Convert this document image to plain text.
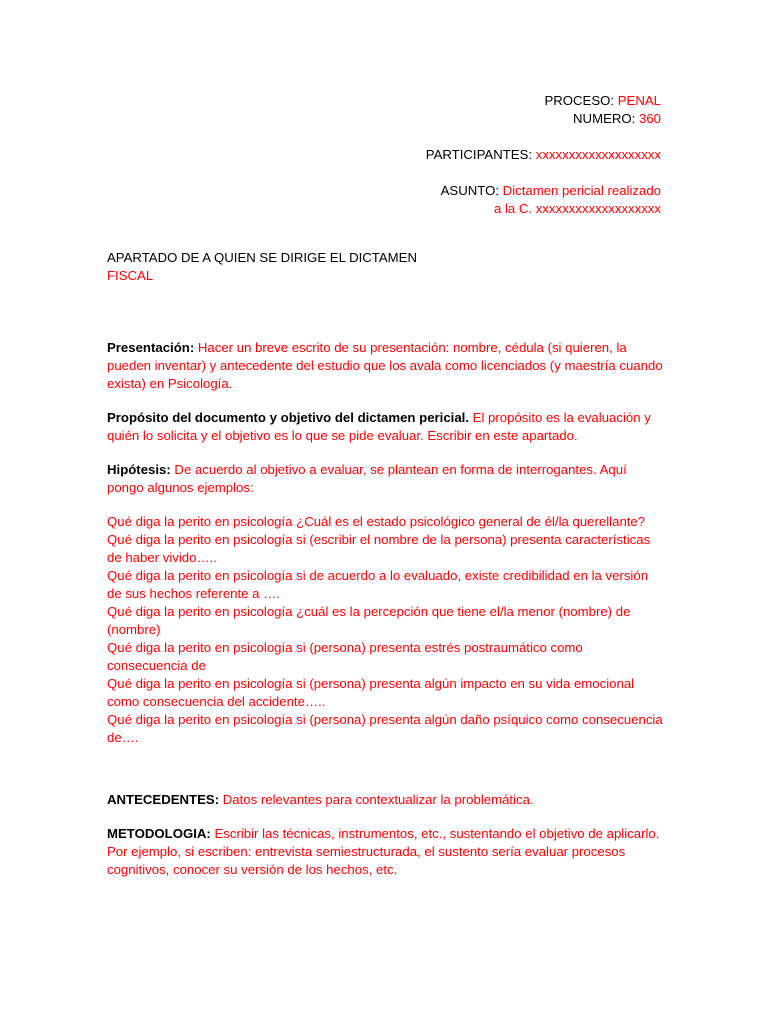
PROCESO: PENAL
NUMERO: 360
PARTICIPANTES: xxxxxxxxxxxxxxxxxxx
ASUNTO: Dictamen pericial realizado
a la C. xxxxxxxxxxxxxxxxxxx

APARTADO DE A QUIEN SE DIRIGE EL DICTAMEN

FISCAL

Presentación: Hacer un breve escrito de su presentación: nombre, cédula (si quieren, la pueden inventar) y antecedente del estudio que los avala como licenciados (y maestría cuando exista) en Psicología.

Propósito del documento y objetivo del dictamen pericial. El propósito es la evaluación y quién lo solicita y el objetivo es lo que se pide evaluar. Escribir en este apartado.

Hipótesis: De acuerdo al objetivo a evaluar, se plantean en forma de interrogantes. Aquí pongo algunos ejemplos:

Qué diga la perito en psicología ¿Cuál es el estado psicológico general de él/la querellante?

Qué diga la perito en psicología si (escribir el nombre de la persona) presenta características de haber vivido…..

Qué diga la perito en psicología si de acuerdo a lo evaluado, existe credibilidad en la versión de sus hechos referente a ….

Qué diga la perito en psicología ¿cuál es la percepción que tiene el/la menor (nombre) de (nombre)

Qué diga la perito en psicología si (persona) presenta estrés postraumático como consecuencia de

Qué diga la perito en psicología si (persona) presenta algún impacto en su vida emocional como consecuencia del accidente…..

Qué diga la perito en psicología si (persona) presenta algún daño psíquico como consecuencia de….

ANTECEDENTES: Datos relevantes para contextualizar la problemática.

METODOLOGIA: Escribir las técnicas, instrumentos, etc., sustentando el objetivo de aplicarlo. Por ejemplo, si escriben: entrevista semiestructurada, el sustento sería evaluar procesos cognitivos, conocer su versión de los hechos, etc.
